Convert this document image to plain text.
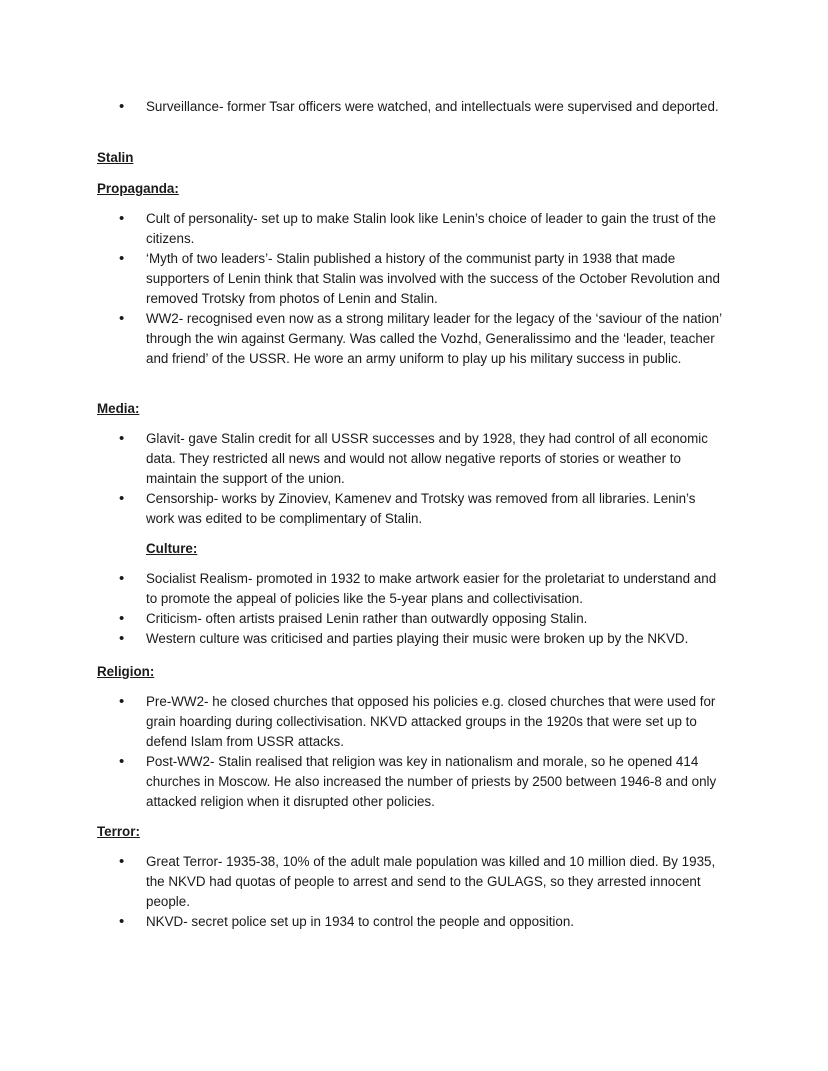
• Surveillance- former Tsar officers were watched, and intellectuals were supervised and deported.
Stalin
Propaganda:
• Cult of personality- set up to make Stalin look like Lenin’s choice of leader to gain the trust of the citizens.
• ‘Myth of two leaders’- Stalin published a history of the communist party in 1938 that made supporters of Lenin think that Stalin was involved with the success of the October Revolution and removed Trotsky from photos of Lenin and Stalin.
• WW2- recognised even now as a strong military leader for the legacy of the ‘saviour of the nation’ through the win against Germany. Was called the Vozhd, Generalissimo and the ‘leader, teacher and friend’ of the USSR. He wore an army uniform to play up his military success in public.
Media:
• Glavit- gave Stalin credit for all USSR successes and by 1928, they had control of all economic data. They restricted all news and would not allow negative reports of stories or weather to maintain the support of the union.
• Censorship- works by Zinoviev, Kamenev and Trotsky was removed from all libraries. Lenin’s work was edited to be complimentary of Stalin.
Culture:
• Socialist Realism- promoted in 1932 to make artwork easier for the proletariat to understand and to promote the appeal of policies like the 5-year plans and collectivisation.
• Criticism- often artists praised Lenin rather than outwardly opposing Stalin.
• Western culture was criticised and parties playing their music were broken up by the NKVD.
Religion:
• Pre-WW2- he closed churches that opposed his policies e.g. closed churches that were used for grain hoarding during collectivisation. NKVD attacked groups in the 1920s that were set up to defend Islam from USSR attacks.
• Post-WW2- Stalin realised that religion was key in nationalism and morale, so he opened 414 churches in Moscow. He also increased the number of priests by 2500 between 1946-8 and only attacked religion when it disrupted other policies.
Terror:
• Great Terror- 1935-38, 10% of the adult male population was killed and 10 million died. By 1935, the NKVD had quotas of people to arrest and send to the GULAGS, so they arrested innocent people.
• NKVD- secret police set up in 1934 to control the people and opposition.
